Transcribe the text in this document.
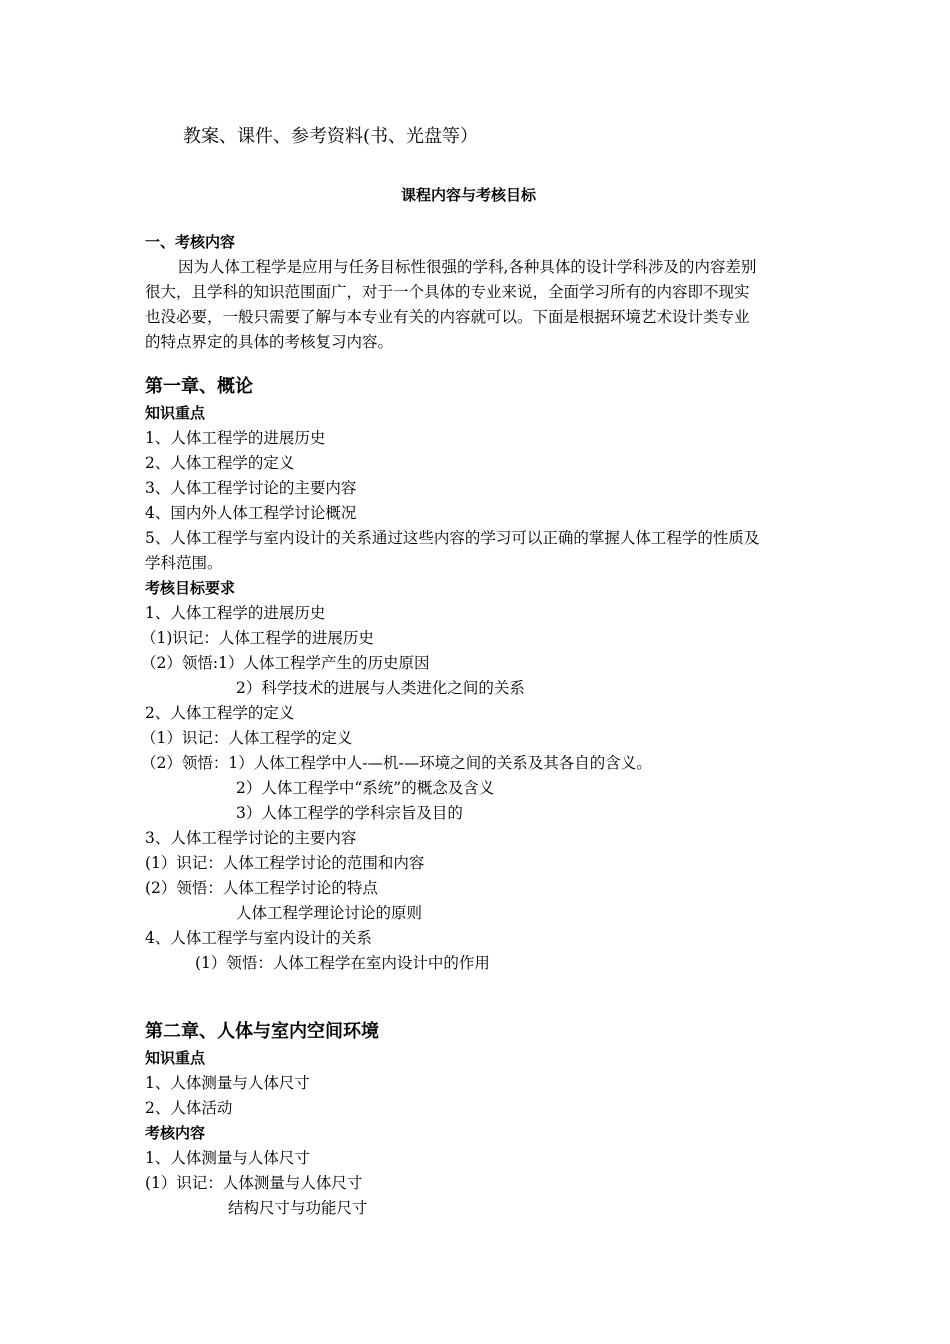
教案、课件、参考资料(书、光盘等）
课程内容与考核目标
一、考核内容
因为人体工程学是应用与任务目标性很强的学科,各种具体的设计学科涉及的内容差别
很大，且学科的知识范围面广，对于一个具体的专业来说，全面学习所有的内容即不现实
也没必要，一般只需要了解与本专业有关的内容就可以。下面是根据环境艺术设计类专业
的特点界定的具体的考核复习内容。
第一章、概论
知识重点
1、人体工程学的进展历史
2、人体工程学的定义
3、人体工程学讨论的主要内容
4、国内外人体工程学讨论概况
5、人体工程学与室内设计的关系通过这些内容的学习可以正确的掌握人体工程学的性质及
学科范围。
考核目标要求
1、人体工程学的进展历史
（1)识记：人体工程学的进展历史
（2）领悟:1）人体工程学产生的历史原因
2）科学技术的进展与人类进化之间的关系
2、人体工程学的定义
（1）识记：人体工程学的定义
（2）领悟：1）人体工程学中人-—机-—环境之间的关系及其各自的含义。
2）人体工程学中“系统”的概念及含义
3）人体工程学的学科宗旨及目的
3、人体工程学讨论的主要内容
(1）识记：人体工程学讨论的范围和内容
(2）领悟：人体工程学讨论的特点
人体工程学理论讨论的原则
4、人体工程学与室内设计的关系
(1）领悟：人体工程学在室内设计中的作用
第二章、人体与室内空间环境
知识重点
1、人体测量与人体尺寸
2、人体活动
考核内容
1、人体测量与人体尺寸
(1）识记：人体测量与人体尺寸
结构尺寸与功能尺寸
